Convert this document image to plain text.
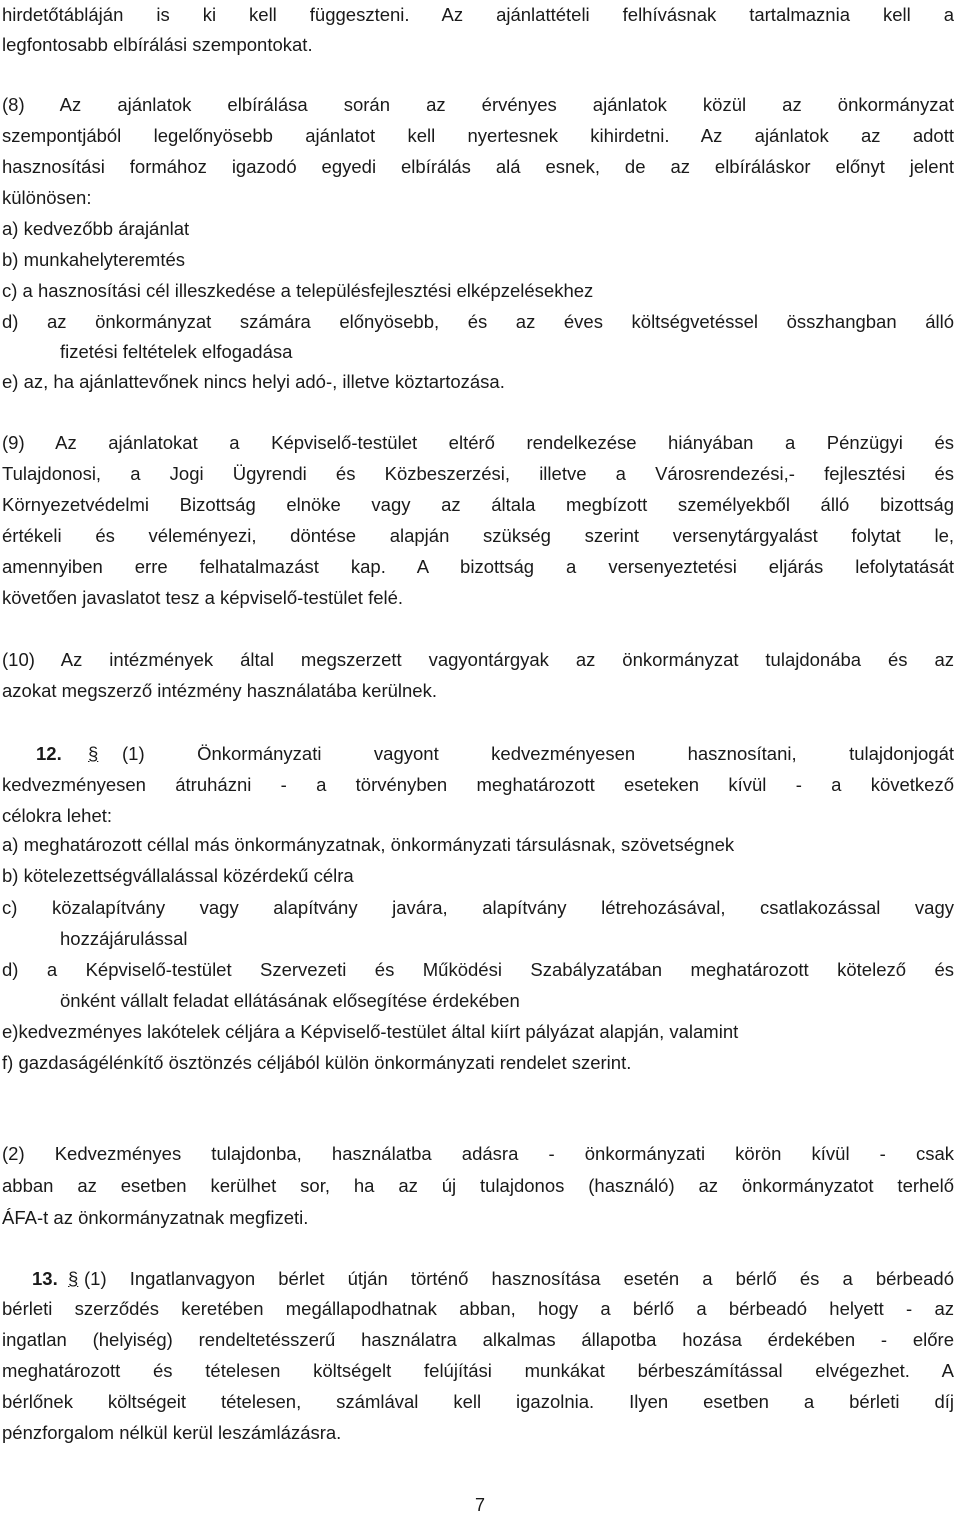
hirdetőtábláján is ki kell függeszteni. Az ajánlattételi felhívásnak tartalmaznia kell a
legfontosabb elbírálási szempontokat.
(8) Az ajánlatok elbírálása során az érvényes ajánlatok közül az önkormányzat
szempontjából legelőnyösebb ajánlatot kell nyertesnek kihirdetni. Az ajánlatok az adott
hasznosítási formához igazodó egyedi elbírálás alá esnek, de az elbíráláskor előnyt jelent
különösen:
a) kedvezőbb árajánlat
b) munkahelyteremtés
c) a hasznosítási cél illeszkedése a településfejlesztési elképzelésekhez
d) az önkormányzat számára előnyösebb, és az éves költségvetéssel összhangban álló
fizetési feltételek elfogadása
e) az, ha ajánlattevőnek nincs helyi adó-, illetve köztartozása.
(9) Az ajánlatokat a Képviselő-testület eltérő rendelkezése hiányában a Pénzügyi és
Tulajdonosi, a Jogi Ügyrendi és Közbeszerzési, illetve a Városrendezési,- fejlesztési és
Környezetvédelmi Bizottság elnöke vagy az általa megbízott személyekből álló bizottság
értékeli és véleményezi, döntése alapján szükség szerint versenytárgyalást folytat le,
amennyiben erre felhatalmazást kap. A bizottság a versenyeztetési eljárás lefolytatását
követően javaslatot tesz a képviselő-testület felé.
(10) Az intézmények által megszerzett vagyontárgyak az önkormányzat tulajdonába és az
azokat megszerző intézmény használatába kerülnek.
12.	§	(1) Önkormányzati vagyont kedvezményesen hasznosítani, tulajdonjogát
kedvezményesen átruházni - a törvényben meghatározott eseteken kívül - a következő
célokra lehet:
a) meghatározott céllal más önkormányzatnak, önkormányzati társulásnak, szövetségnek
b) kötelezettségvállalással közérdekű célra
c) közalapítvány vagy alapítvány javára, alapítvány létrehozásával, csatlakozással vagy
hozzájárulással
d) a Képviselő-testület Szervezeti és Működési Szabályzatában meghatározott kötelező és
önként vállalt feladat ellátásának elősegítése érdekében
e)kedvezményes lakótelek céljára a Képviselő-testület által kiírt pályázat alapján, valamint
f) gazdaságélénkítő ösztönzés céljából külön önkormányzati rendelet szerint.
(2) Kedvezményes tulajdonba, használatba adásra - önkormányzati körön kívül - csak
abban az esetben kerülhet sor, ha az új tulajdonos (használó) az önkormányzatot terhelő
ÁFA-t az önkormányzatnak megfizeti.
13. § (1) Ingatlanvagyon bérlet útján történő hasznosítása esetén a bérlő és a bérbeadó
bérleti szerződés keretében megállapodhatnak abban, hogy a bérlő a bérbeadó helyett - az
ingatlan (helyiség) rendeltetésszerű használatra alkalmas állapotba hozása érdekében - előre
meghatározott és tételesen költségelt felújítási munkákat bérbeszámítással elvégezhet. A
bérlőnek költségeit tételesen, számlával kell igazolnia. Ilyen esetben a bérleti díj
pénzforgalom nélkül kerül leszámlázásra.
7
